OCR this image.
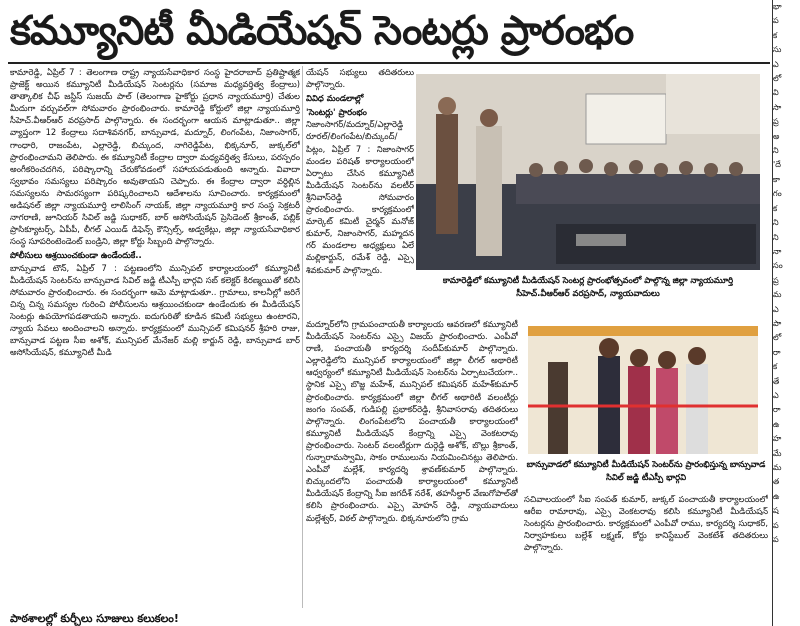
కమ్యూనిటీ మీడియేషన్ సెంటర్లు ప్రారంభం

కామారెడ్డి, ఏప్రిల్ 7 : తెలంగాణ రాష్ట్ర న్యాయసేవాధికార సంస్థ హైదరాబాద్ ప్రతిష్టాత్మక ప్రాజెక్ట్ అయిన కమ్యూనిటీ మీడియేషన్ సెంటర్లను (సమాజ మధ్యవర్తిత్వ కేంద్రాలు) తాత్కాలిక చీఫ్ జస్టిస్ సుజయ్ పాల్ (తెలంగాణ హైకోర్టు ప్రధాన న్యాయమూర్తి) చేతుల మీదుగా వర్చువల్‌గా సోమవారం ప్రారంభించారు. కామారెడ్డి కోర్టులో జిల్లా న్యాయమూర్తి సీహెచ్.వీఆర్ఆర్ వరప్రసాద్ పాల్గొన్నారు. ఈ సందర్భంగా ఆయన మాట్లాడుతూ.. జిల్లా వ్యాప్తంగా 12 కేంద్రాలు సదాశివనగర్, బాన్సువాడ, మద్నూర్, లింగంపేట, నిజాంసాగర్, గాంధారి, రాజంపేట, ఎల్లారెడ్డి, బిచ్కుంద, నాగిరెడ్డిపేట, భిక్కనూర్, జుక్కల్‌లో ప్రారంభించామని తెలిపారు. ఈ కమ్యూనిటీ కేంద్రాల ద్వారా మధ్యవర్తిత్వ కేసులు, పరస్పరం అంగీకరించదగిన, పరిష్కారాన్ని చేరుకోవడంలో సహాయపడుతుంది అన్నారు. వివాదా స్వభావం సమస్యలు పరిష్కారం అవుతాయని చెప్పారు. ఈ కేంద్రాల ద్వారా వర్ధిల్లిన సమస్యలను సామరస్యంగా పరిష్కరించాలని ఆదేశాలను సూచించారు. కార్యక్రమంలో అడిషనల్ జిల్లా న్యాయమూర్తి లాలిసింగ్ నాయక్, జిల్లా న్యాయమూర్తి కార సంస్థ సెక్రటరీ నాగరాణి, జూనియర్ సివిల్ జడ్జి సుధాకర్, బార్ అసోసియేషన్ ప్రెసిడెంట్ శ్రీకాంత్, పబ్లిక్ ప్రాసిక్యూటర్స్, ఏపీపీ, లీగల్ ఎయిడ్ డిఫెన్స్ కౌన్సిల్స్, అడ్వకేట్లు, జిల్లా న్యాయసేవాధికార సంస్థ సూపరింటెండెంట్ బండ్రిని, జిల్లా కోర్టు సిబ్బంది పాల్గొన్నారు.

పోలీసులు ఆశ్రయించకుండా ఉండేందుకే..

బాన్సువాడ టౌన్, ఏప్రిల్ 7 : పట్టణంలోని మున్సిపల్ కార్యాలయంలో కమ్యూనిటీ మీడియేషన్ సెంటర్‌ను బాన్సువాడ సివిల్ జడ్జి టీఎస్పీ భార్గవి సబ్ కలెక్టర్ కిరణ్మయితో కలిసి సోమవారం ప్రారంభించారు. ఈ సందర్భంగా ఆమె మాట్లాడుతూ.. గ్రామాలు, కాలనీల్లో జరిగే చిన్న చిన్న సమస్యల గురించి పోలీసులను ఆశ్రయించకుండా ఉండేందుకు ఈ మీడియేషన్ సెంటర్లు ఉపయోగపడతాయని అన్నారు. ఐదుగురితో కూడిన కమిటీ సభ్యులు ఉంటారని, న్యాయ సేవలు అందించాలని అన్నారు. కార్యక్రమంలో మున్సిపల్ కమిషనర్ శ్రీహరి రాజు, బాన్సువాడ పట్టణ సీఐ అశోక్, మున్సిపల్ మేనేజర్ మల్లి కార్జున్ రెడ్డి, బాన్సువాడ బార్ అసోసియేషన్, కమ్యూనిటీ మీడి

యేషన్ సభ్యులు తదితరులు పాల్గొన్నారు.

వివిధ మండలాల్లో

'సెంటర్లు' ప్రారంభం

నిజాంసాగర్/మద్నూర్/ఎల్లారెడ్డి రూరల్/లింగంపేట/బిచ్కుంద్/ పిట్లం, ఏప్రిల్ 7 : నిజాంసాగర్ మండల పరిషత్ కార్యాలయంలో ఏర్పాటు చేసిన కమ్యూనిటీ మీడియేషన్ సెంటర్‌ను వలటీర్ శ్రీనివాస్‌రెడ్డి సోమవారం ప్రారంభించారు. కార్యక్రమంలో మార్కెట్ కమిటీ చైర్మన్ మనోజ్ కుమార్, నిజాంసాగర్, మహ్మదన గర్ మండలాల అధ్యక్షులు ఏలే మల్లికార్జున్, రమేశ్ రెడ్డి, ఎస్సై శివకుమార్ పాల్గొన్నారు.

మద్నూర్‌లోని గ్రామపంచాయతీ కార్యాలయ ఆవరణలో కమ్యూనిటీ మీడియేషన్ సెంటర్‌ను ఎస్సై విజయ్ ప్రారంభించారు. ఎంపీవో రాణి, పంచాయతీ కార్యదర్శి సందీప్‌కుమార్ పాల్గొన్నారు. ఎల్లారెడ్డిలోని మున్సిపల్ కార్యాలయంలో జిల్లా లీగల్ అథారిటీ ఆధ్వర్యంలో కమ్యూనిటీ మీడియేషన్ సెంటర్‌ను ఏర్పాటుచేయగా.. స్థానిక ఎస్సై బొజ్జ మహేశ్, మున్సిపల్ కమిషనర్ మహేశ్‌కుమార్ ప్రారంభించారు. కార్యక్రమంలో జిల్లా లీగల్ అథారిటీ వలంటీర్లు జంగం సంపత్, గుడిపల్లి ప్రభాకర్‌రెడ్డి, శ్రీనివాసరావు తదితరులు పాల్గొన్నారు. లింగంపేటలోని పంచాయతీ కార్యాలయంలో కమ్యూనిటీ మీడియేషన్ కేంద్రాన్ని ఎస్సై వెంకటరావు ప్రారంభించారు. సెంటర్ వలంటీర్లుగా దుర్గెడ్డి అశోక్, బొల్లు శ్రీకాంత్, గున్నారామస్వామి, సాకం రాములును నియమించినట్లు తెలిపారు. ఎంపీవో మల్లేశ్, కార్యదర్శి శ్రావణ్‌కుమార్ పాల్గొన్నారు. బిచ్కుందలోని పంచాయతీ కార్యాలయంలో కమ్యూనిటీ మీడియేషన్ కేంద్రాన్ని సీఐ జగదీశ్ నరేశ్, తహసీల్దార్ వేణుగోపాల్‌తో కలిసి ప్రారంభించారు. ఎస్సై మోహన్ రెడ్డి, న్యాయవాదులు మల్లేశ్వర్, విఠల్ పాల్గొన్నారు. భిక్కనూరులోని గ్రామ

కామారెడ్డిలో కమ్యూనిటీ మీడియేషన్ సెంటర్ల ప్రారంభోత్సవంలో పాల్గొన్న జిల్లా న్యాయమూర్తి సీహెచ్.వీఆర్ఆర్ వరప్రసాద్, న్యాయవాదులు
బాన్సువాడలో కమ్యూనిటీ మీడియేషన్ సెంటర్‌ను ప్రారంభిస్తున్న బాన్సువాడ సివిల్ జడ్జి టీఎస్పీ భార్గవి

సచివాలయంలో సీఐ సంపత్ కుమార్, జుక్కల్ పంచాయతీ కార్యాలయంలో ఆరీఐ రామారావు, ఎస్సై వెంకటరావు కలిసి కమ్యూనిటీ మీడియేషన్ సెంటర్లను ప్రారంభించారు. కార్యక్రమంలో ఎంపీవో రాము, కార్యదర్శి సుధాకర్, నిర్వాహకులు బల్లేశ్‌ లక్ష్మణ్, కోర్టు కానిస్టేబుల్ వెంకటేశ్ తదితరులు పాల్గొన్నారు.

భా
ప
క
సు
ఎ
లో
వి
సా
ప్ర
అ
ని
'దే
కా
గం
క
ని
ని
నా
సం
ప్ర
మ
ఎ
పా
లో
రా
క
తే
ఎ
రా
ఉ
హ
మే
మ
త
ఉ
ష
ప
ప
పాఠశాలల్లో కుర్చీలు సూజులు కలుకలం!
